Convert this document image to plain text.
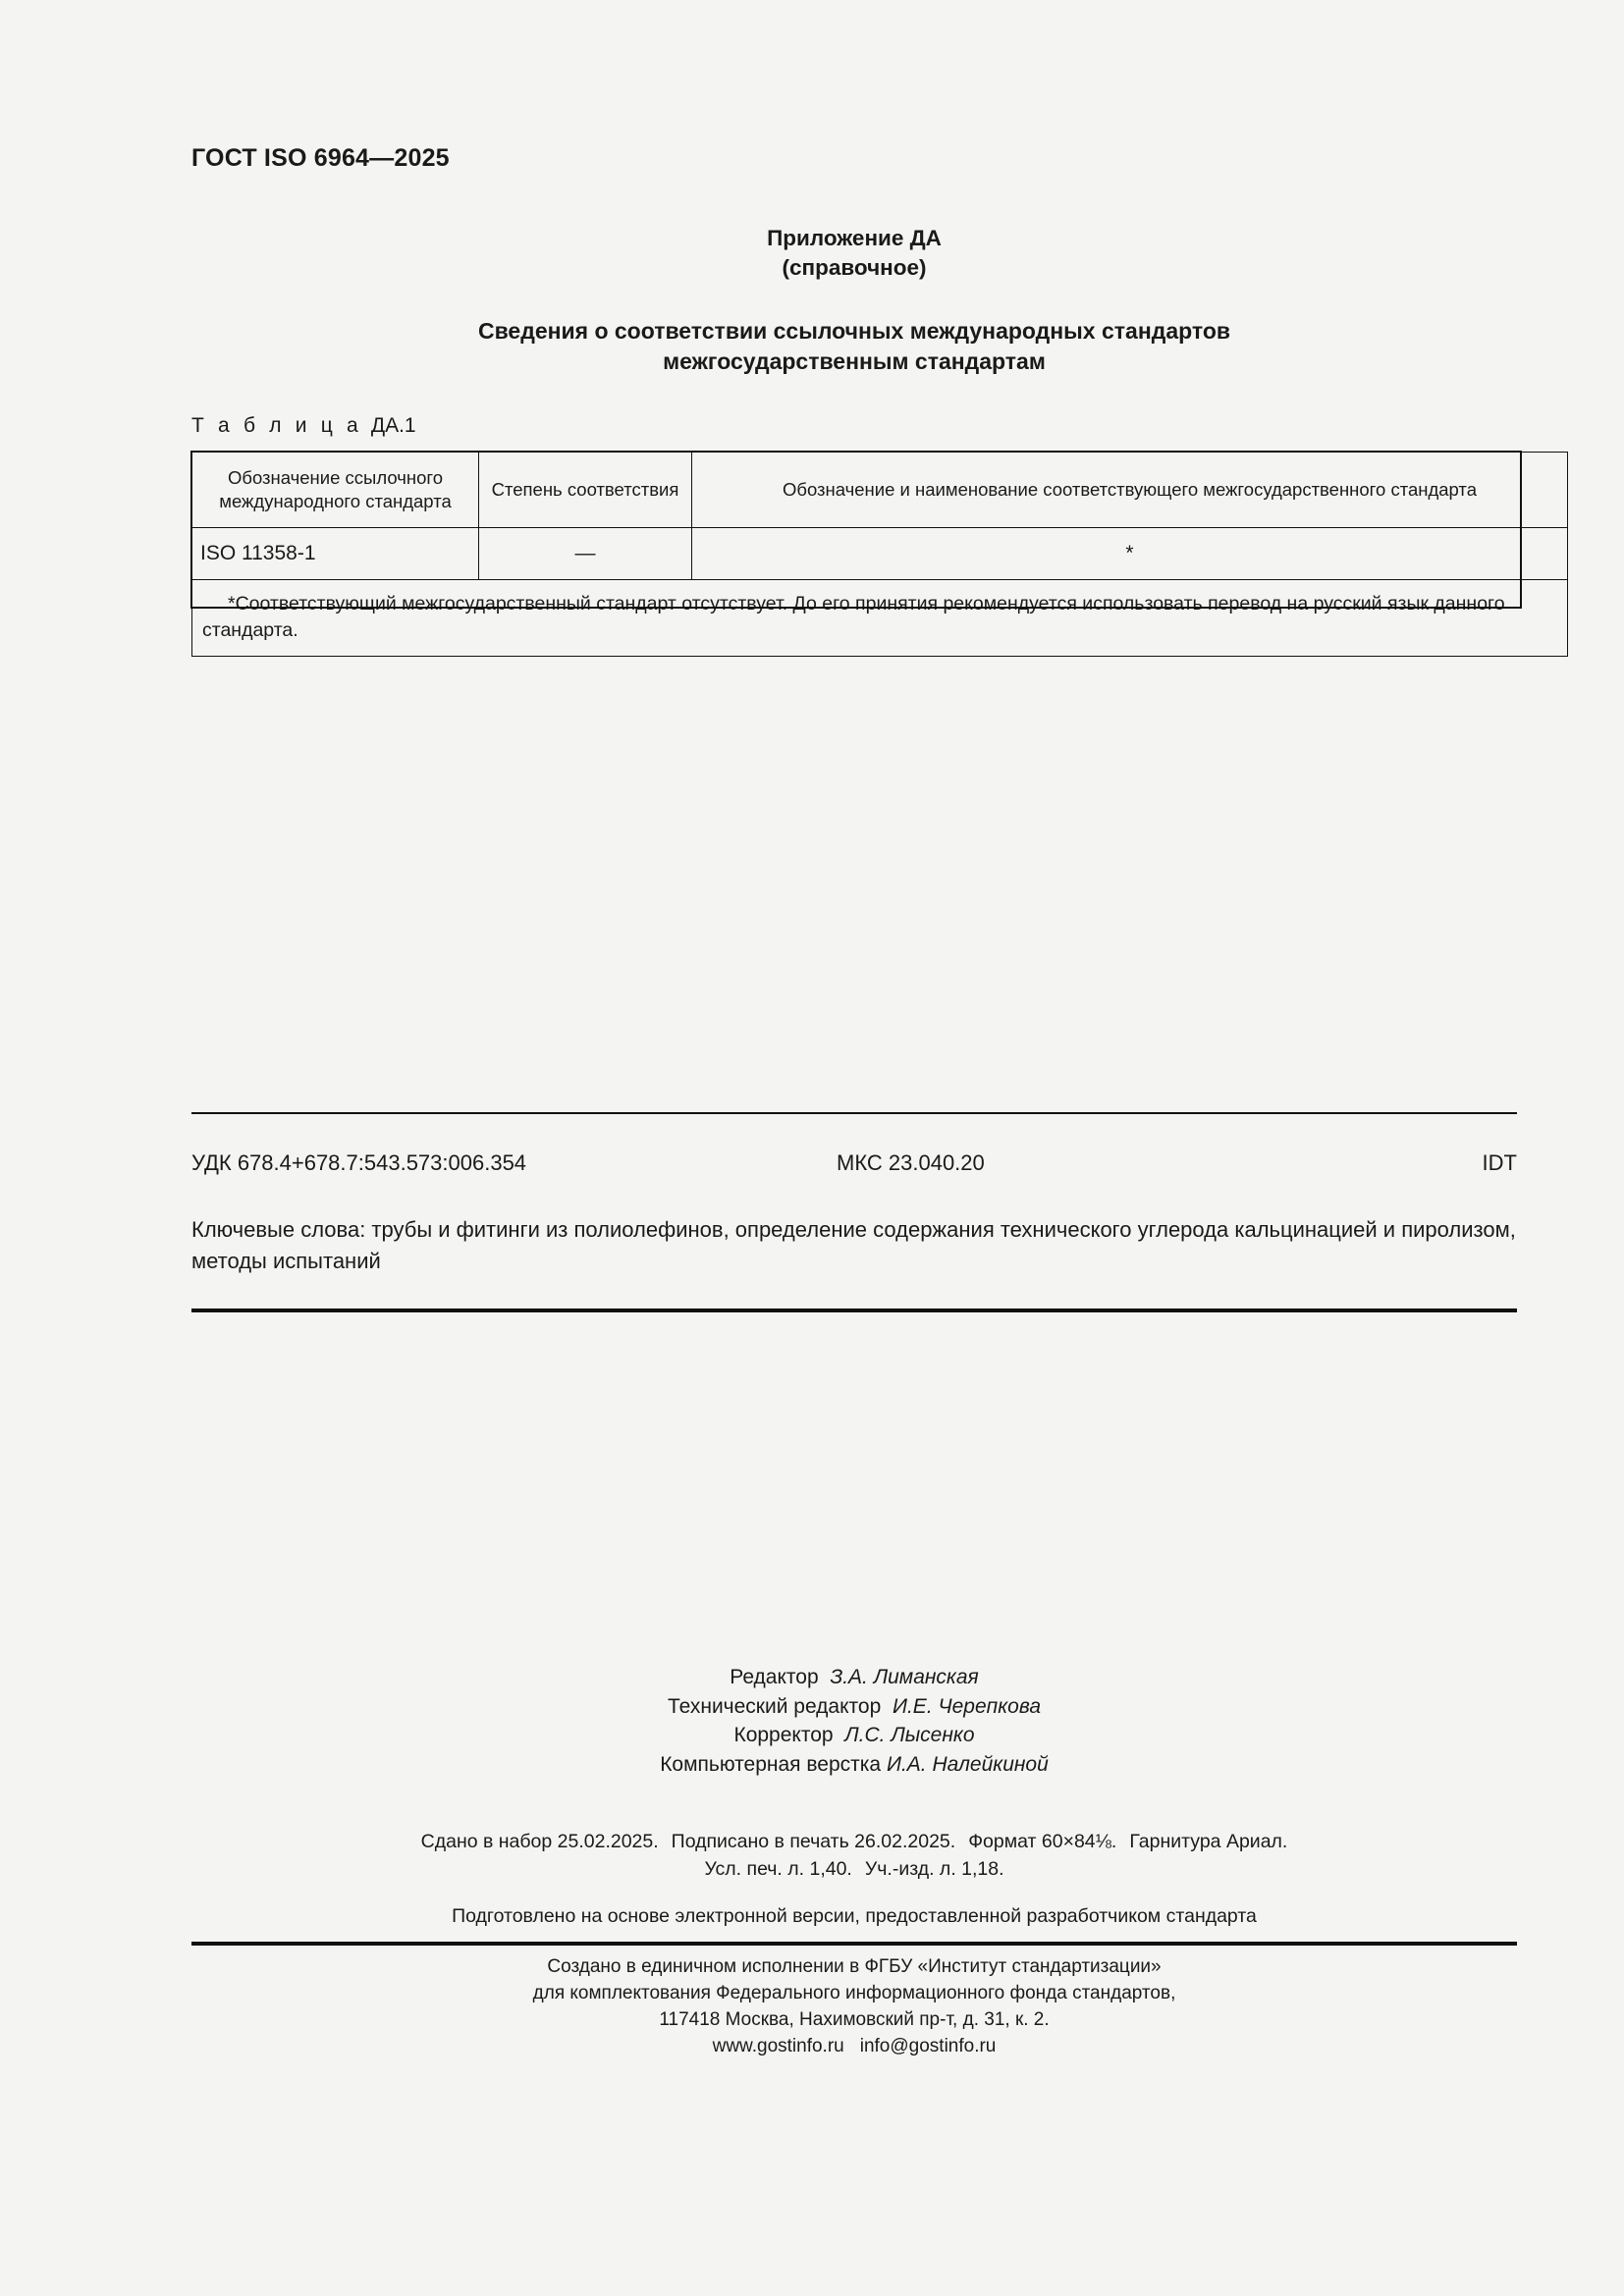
ГОСТ ISO 6964—2025
Приложение ДА
(справочное)
Сведения о соответствии ссылочных международных стандартов
межгосударственным стандартам
Т а б л и ц а ДА.1
Обозначение ссылочного международного стандарта	Степень соответствия	Обозначение и наименование соответствующего межгосударственного стандарта
ISO 11358-1	—	*
*Соответствующий межгосударственный стандарт отсутствует. До его принятия рекомендуется использовать перевод на русский язык данного стандарта.		
УДК 678.4+678.7:543.573:006.354	МКС 23.040.20	IDT
Ключевые слова: трубы и фитинги из полиолефинов, определение содержания технического углерода кальцинацией и пиролизом, методы испытаний
Редактор З.А. Лиманская
Технический редактор И.Е. Черепкова
Корректор Л.С. Лысенко
Компьютерная верстка И.А. Налейкиной
Сдано в набор 25.02.2025. Подписано в печать 26.02.2025. Формат 60×84⅛. Гарнитура Ариал.
Усл. печ. л. 1,40. Уч.-изд. л. 1,18.
Подготовлено на основе электронной версии, предоставленной разработчиком стандарта
Создано в единичном исполнении в ФГБУ «Институт стандартизации»
для комплектования Федерального информационного фонда стандартов,
117418 Москва, Нахимовский пр-т, д. 31, к. 2.
www.gostinfo.ru info@gostinfo.ru
